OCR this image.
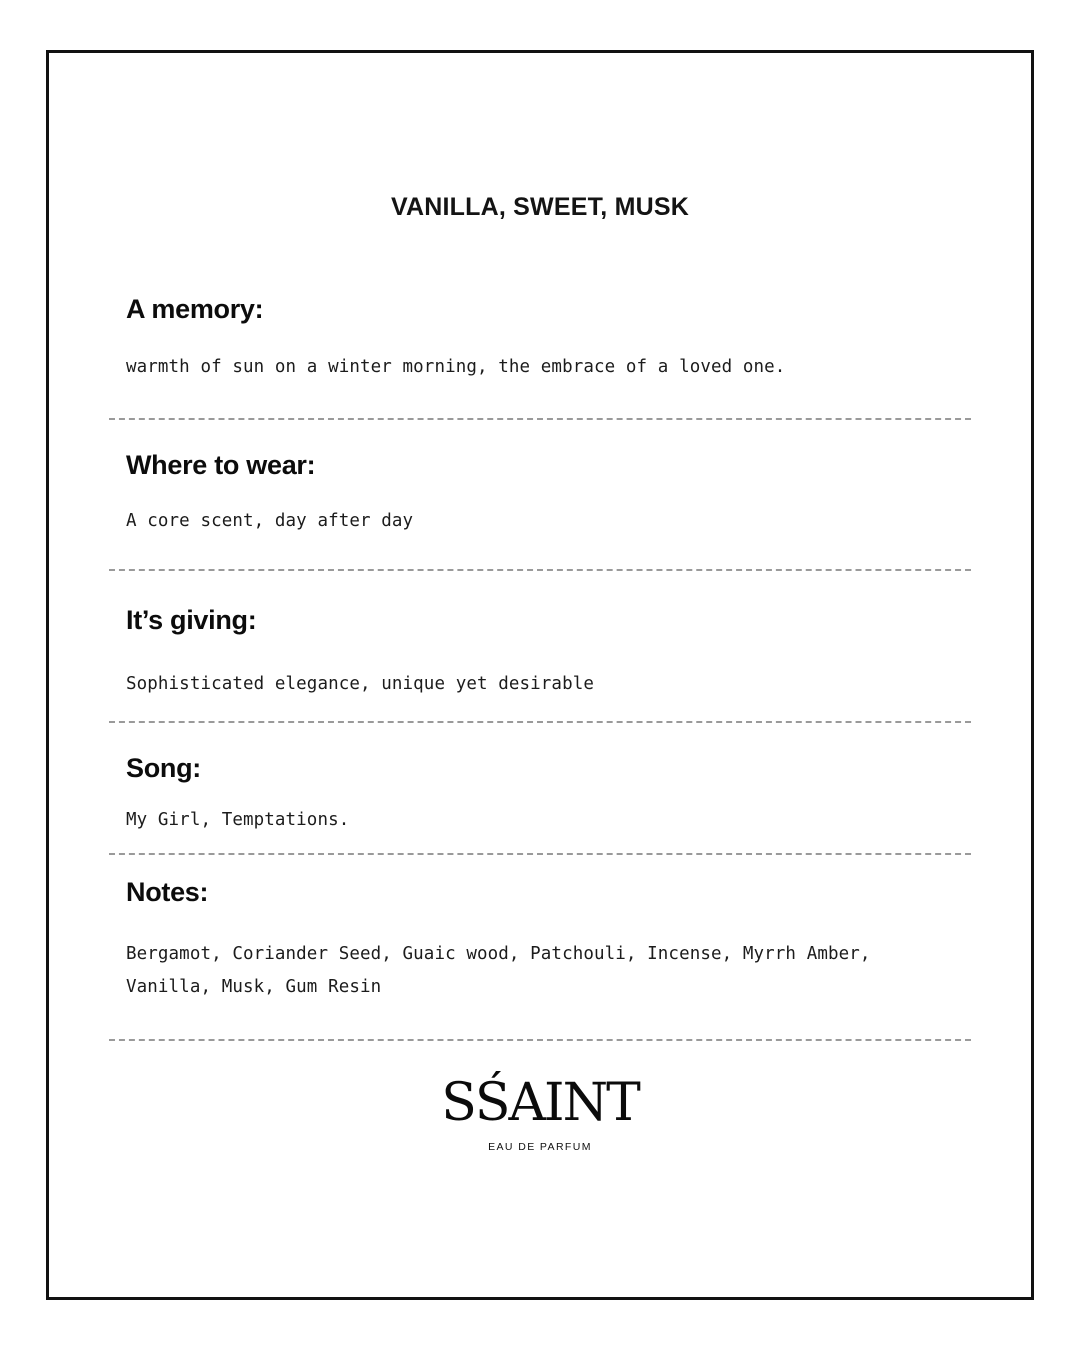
VANILLA, SWEET, MUSK
A memory:
warmth of sun on a winter morning, the embrace of a loved one.
Where to wear:
A core scent, day after day
It’s giving:
Sophisticated elegance, unique yet desirable
Song:
My Girl, Temptations.
Notes:
Bergamot, Coriander Seed, Guaic wood, Patchouli, Incense, Myrrh Amber, Vanilla, Musk, Gum Resin
SŚAINT
EAU DE PARFUM
